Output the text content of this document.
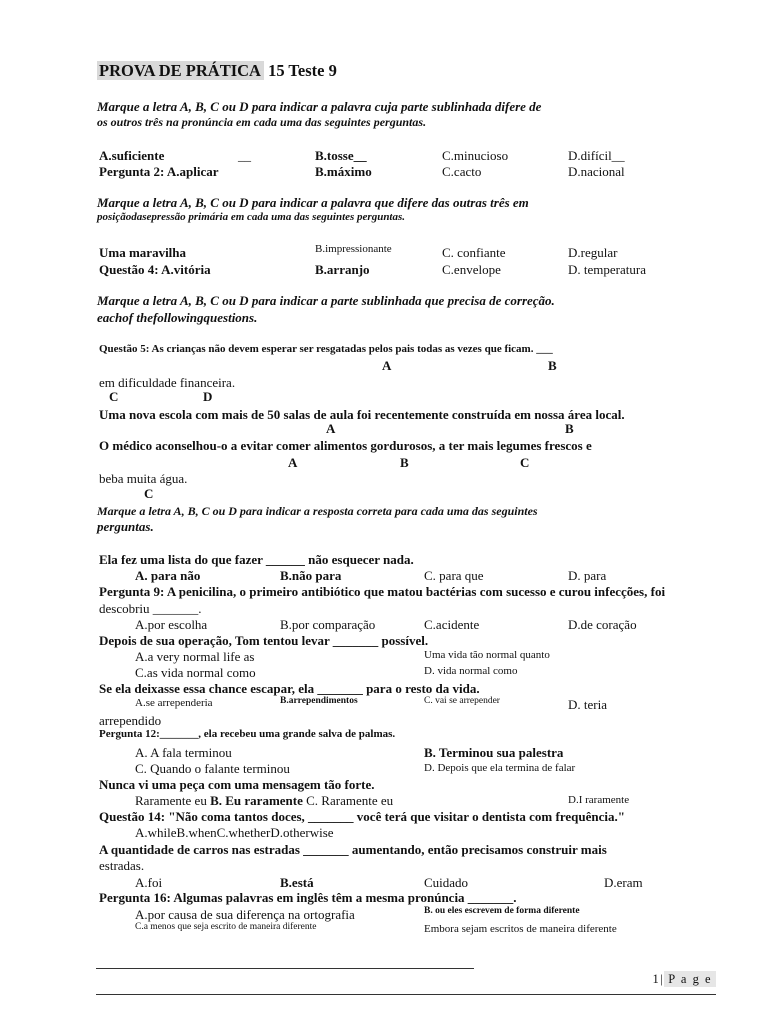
PROVA DE PRÁTICA 15 Teste 9
Marque a letra A, B, C ou D para indicar a palavra cuja parte sublinhada difere de
os outros três na pronúncia em cada uma das seguintes perguntas.
A.suficiente	__	B.tosse__	C.minucioso	D.difícil__
Pergunta 2: A.aplicar	B.máximo	C.cacto	D.nacional
Marque a letra A, B, C ou D para indicar a palavra que difere das outras três em
posiçãodasepressão primária em cada uma das seguintes perguntas.
Uma maravilha	B.impressionante	C. confiante	D.regular
Questão 4: A.vitória	B.arranjo	C.envelope	D. temperatura
Marque a letra A, B, C ou D para indicar a parte sublinhada que precisa de correção.
eachof thefollowingquestions.
Questão 5: As crianças não devem esperar ser resgatadas pelos pais todas as vezes que ficam. ___
A	B
em dificuldade financeira.
C	D
Uma nova escola com mais de 50 salas de aula foi recentemente construída em nossa área local.
A	B
O médico aconselhou-o a evitar comer alimentos gordurosos, a ter mais legumes frescos e
A	B	C
beba muita água.
C
Marque a letra A, B, C ou D para indicar a resposta correta para cada uma das seguintes
perguntas.
Ela fez uma lista do que fazer ______ não esquecer nada.
A. para não	B.não para	C. para que	D. para
Pergunta 9: A penicilina, o primeiro antibiótico que matou bactérias com sucesso e curou infecções, foi
descobriu _______.
A.por escolha	B.por comparação	C.acidente	D.de coração
Depois de sua operação, Tom tentou levar _______ possível.
A.a very normal life as	Uma vida tão normal quanto
C.as vida normal como	D. vida normal como
Se ela deixasse essa chance escapar, ela _______ para o resto da vida.
A.se arrependeria	B.arrependimentos	C. vai se arrepender	D. teria
arrependido
Pergunta 12:_______, ela recebeu uma grande salva de palmas.
A. A fala terminou	B. Terminou sua palestra
C. Quando o falante terminou	D. Depois que ela termina de falar
Nunca vi uma peça com uma mensagem tão forte.
Raramente eu B. Eu raramente C. Raramente eu	D.I raramente
Questão 14: "Não coma tantos doces, _______ você terá que visitar o dentista com frequência."
A.whileB.whenC.whetherD.otherwise
A quantidade de carros nas estradas _______ aumentando, então precisamos construir mais
estradas.
A.foi	B.está	Cuidado	D.eram
Pergunta 16: Algumas palavras em inglês têm a mesma pronúncia _______.
A.por causa de sua diferença na ortografia	B. ou eles escrevem de forma diferente
C.a menos que seja escrito de maneira diferente	Embora sejam escritos de maneira diferente
1| P a g e
